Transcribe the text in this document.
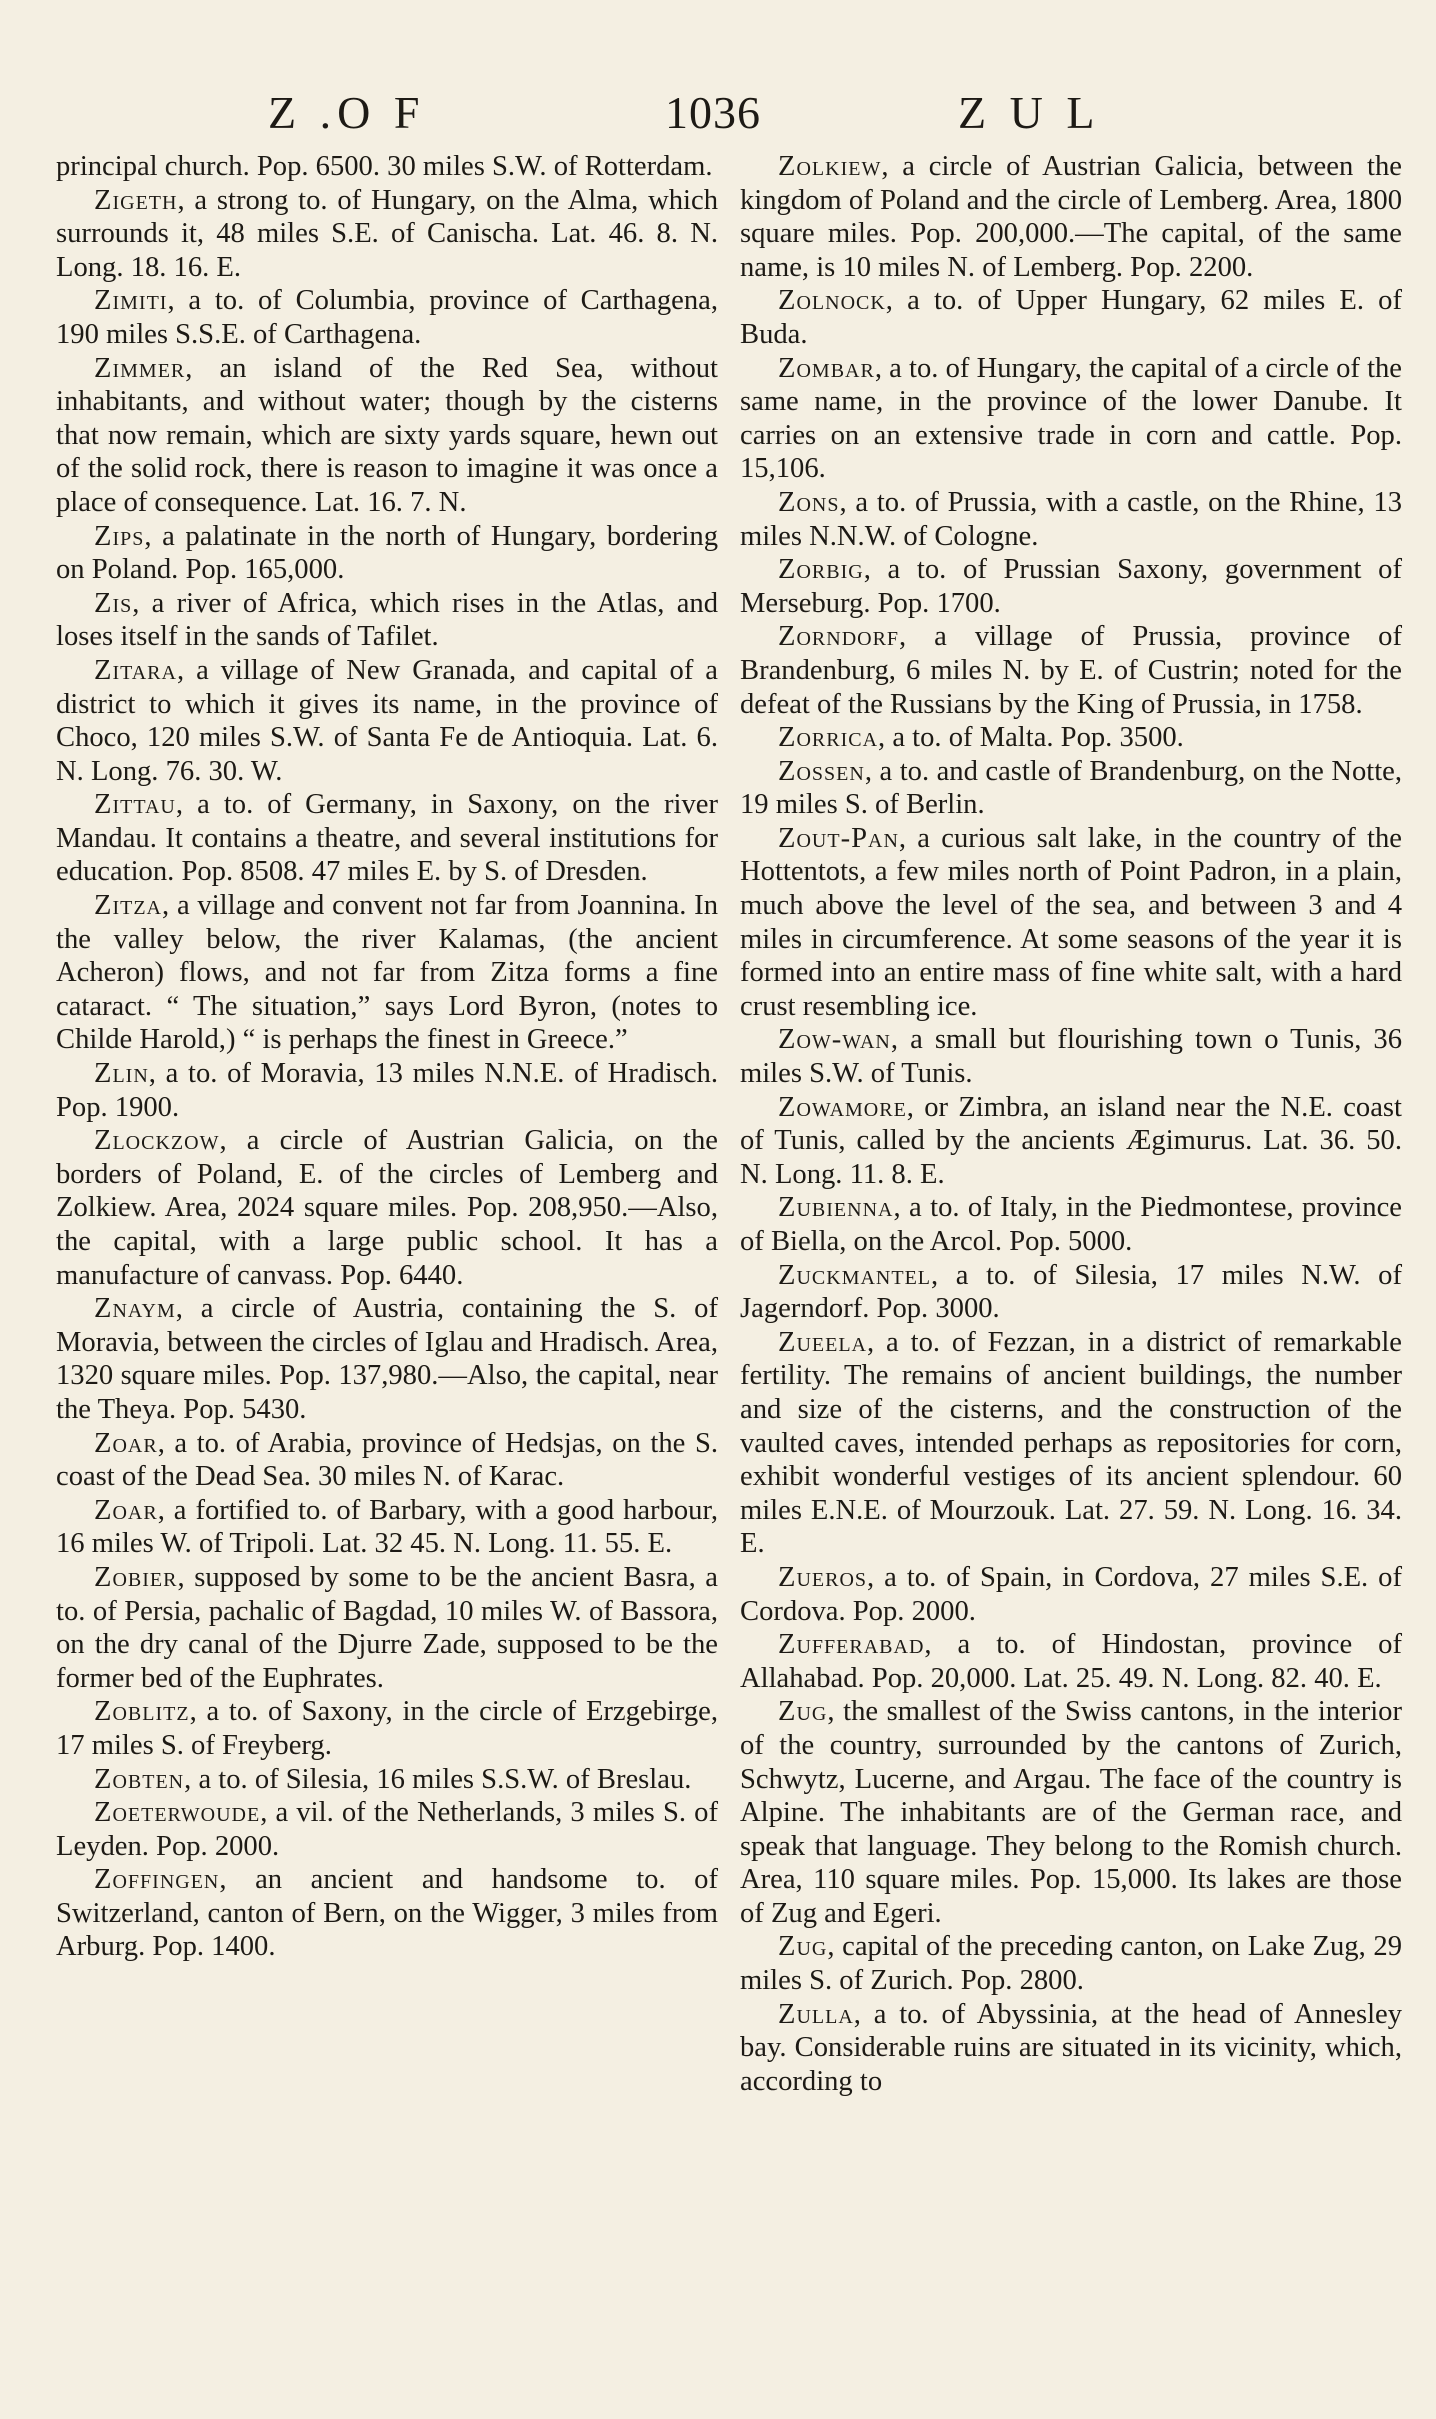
Z .O F	1036	Z U L

principal church. Pop. 6500. 30 miles S.W. of Rotterdam.

Zigeth, a strong to. of Hungary, on the Alma, which surrounds it, 48 miles S.E. of Canischa. Lat. 46. 8. N. Long. 18. 16. E.

Zimiti, a to. of Columbia, province of Carthagena, 190 miles S.S.E. of Carthagena.

Zimmer, an island of the Red Sea, without inhabitants, and without water; though by the cisterns that now remain, which are sixty yards square, hewn out of the solid rock, there is reason to imagine it was once a place of consequence. Lat. 16. 7. N.

Zips, a palatinate in the north of Hungary, bordering on Poland. Pop. 165,000.

Zis, a river of Africa, which rises in the Atlas, and loses itself in the sands of Tafilet.

Zitara, a village of New Granada, and capital of a district to which it gives its name, in the province of Choco, 120 miles S.W. of Santa Fe de Antioquia. Lat. 6. N. Long. 76. 30. W.

Zittau, a to. of Germany, in Saxony, on the river Mandau. It contains a theatre, and several institutions for education. Pop. 8508. 47 miles E. by S. of Dresden.

Zitza, a village and convent not far from Joannina. In the valley below, the river Kalamas, (the ancient Acheron) flows, and not far from Zitza forms a fine cataract. “ The situation,” says Lord Byron, (notes to Childe Harold,) “ is perhaps the finest in Greece.”

Zlin, a to. of Moravia, 13 miles N.N.E. of Hradisch. Pop. 1900.

Zlockzow, a circle of Austrian Galicia, on the borders of Poland, E. of the circles of Lemberg and Zolkiew. Area, 2024 square miles. Pop. 208,950.—Also, the capital, with a large public school. It has a manufacture of canvass. Pop. 6440.

Znaym, a circle of Austria, containing the S. of Moravia, between the circles of Iglau and Hradisch. Area, 1320 square miles. Pop. 137,980.—Also, the capital, near the Theya. Pop. 5430.

Zoar, a to. of Arabia, province of Hedsjas, on the S. coast of the Dead Sea. 30 miles N. of Karac.

Zoar, a fortified to. of Barbary, with a good harbour, 16 miles W. of Tripoli. Lat. 32 45. N. Long. 11. 55. E.

Zobier, supposed by some to be the ancient Basra, a to. of Persia, pachalic of Bagdad, 10 miles W. of Bassora, on the dry canal of the Djurre Zade, supposed to be the former bed of the Euphrates.

Zoblitz, a to. of Saxony, in the circle of Erzgebirge, 17 miles S. of Freyberg.

Zobten, a to. of Silesia, 16 miles S.S.W. of Breslau.

Zoeterwoude, a vil. of the Netherlands, 3 miles S. of Leyden. Pop. 2000.

Zoffingen, an ancient and handsome to. of Switzerland, canton of Bern, on the Wigger, 3 miles from Arburg. Pop. 1400.

Zolkiew, a circle of Austrian Galicia, between the kingdom of Poland and the circle of Lemberg. Area, 1800 square miles. Pop. 200,000.—The capital, of the same name, is 10 miles N. of Lemberg. Pop. 2200.

Zolnock, a to. of Upper Hungary, 62 miles E. of Buda.

Zombar, a to. of Hungary, the capital of a circle of the same name, in the province of the lower Danube. It carries on an extensive trade in corn and cattle. Pop. 15,106.

Zons, a to. of Prussia, with a castle, on the Rhine, 13 miles N.N.W. of Cologne.

Zorbig, a to. of Prussian Saxony, government of Merseburg. Pop. 1700.

Zorndorf, a village of Prussia, province of Brandenburg, 6 miles N. by E. of Custrin; noted for the defeat of the Russians by the King of Prussia, in 1758.

Zorrica, a to. of Malta. Pop. 3500.

Zossen, a to. and castle of Brandenburg, on the Notte, 19 miles S. of Berlin.

Zout-Pan, a curious salt lake, in the country of the Hottentots, a few miles north of Point Padron, in a plain, much above the level of the sea, and between 3 and 4 miles in circumference. At some seasons of the year it is formed into an entire mass of fine white salt, with a hard crust resembling ice.

Zow-wan, a small but flourishing town o Tunis, 36 miles S.W. of Tunis.

Zowamore, or Zimbra, an island near the N.E. coast of Tunis, called by the ancients Ægimurus. Lat. 36. 50. N. Long. 11. 8. E.

Zubienna, a to. of Italy, in the Piedmontese, province of Biella, on the Arcol. Pop. 5000.

Zuckmantel, a to. of Silesia, 17 miles N.W. of Jagerndorf. Pop. 3000.

Zueela, a to. of Fezzan, in a district of remarkable fertility. The remains of ancient buildings, the number and size of the cisterns, and the construction of the vaulted caves, intended perhaps as repositories for corn, exhibit wonderful vestiges of its ancient splendour. 60 miles E.N.E. of Mourzouk. Lat. 27. 59. N. Long. 16. 34. E.

Zueros, a to. of Spain, in Cordova, 27 miles S.E. of Cordova. Pop. 2000.

Zufferabad, a to. of Hindostan, province of Allahabad. Pop. 20,000. Lat. 25. 49. N. Long. 82. 40. E.

Zug, the smallest of the Swiss cantons, in the interior of the country, surrounded by the cantons of Zurich, Schwytz, Lucerne, and Argau. The face of the country is Alpine. The inhabitants are of the German race, and speak that language. They belong to the Romish church. Area, 110 square miles. Pop. 15,000. Its lakes are those of Zug and Egeri.

Zug, capital of the preceding canton, on Lake Zug, 29 miles S. of Zurich. Pop. 2800.

Zulla, a to. of Abyssinia, at the head of Annesley bay. Considerable ruins are situated in its vicinity, which, according to
